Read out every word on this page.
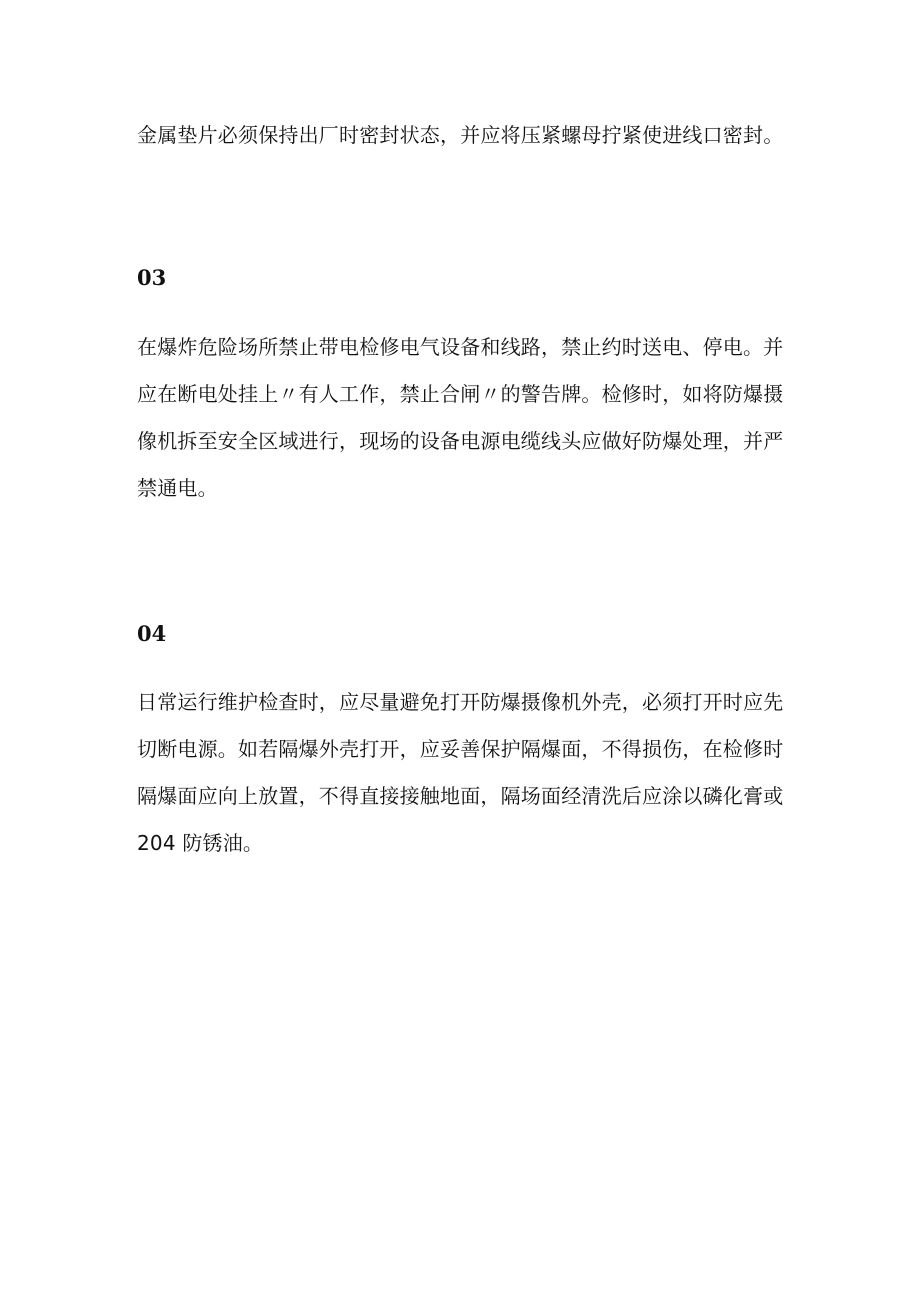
金属垫片必须保持出厂时密封状态，并应将压紧螺母拧紧使进线口密封。

03

在爆炸危险场所禁止带电检修电气设备和线路，禁止约时送电、停电。并
应在断电处挂上〃有人工作，禁止合闸〃的警告牌。检修时，如将防爆摄
像机拆至安全区域进行，现场的设备电源电缆线头应做好防爆处理，并严
禁通电。

04

日常运行维护检查时，应尽量避免打开防爆摄像机外壳，必须打开时应先
切断电源。如若隔爆外壳打开，应妥善保护隔爆面，不得损伤，在检修时
隔爆面应向上放置，不得直接接触地面，隔场面经清洗后应涂以磷化膏或
204 防锈油。
